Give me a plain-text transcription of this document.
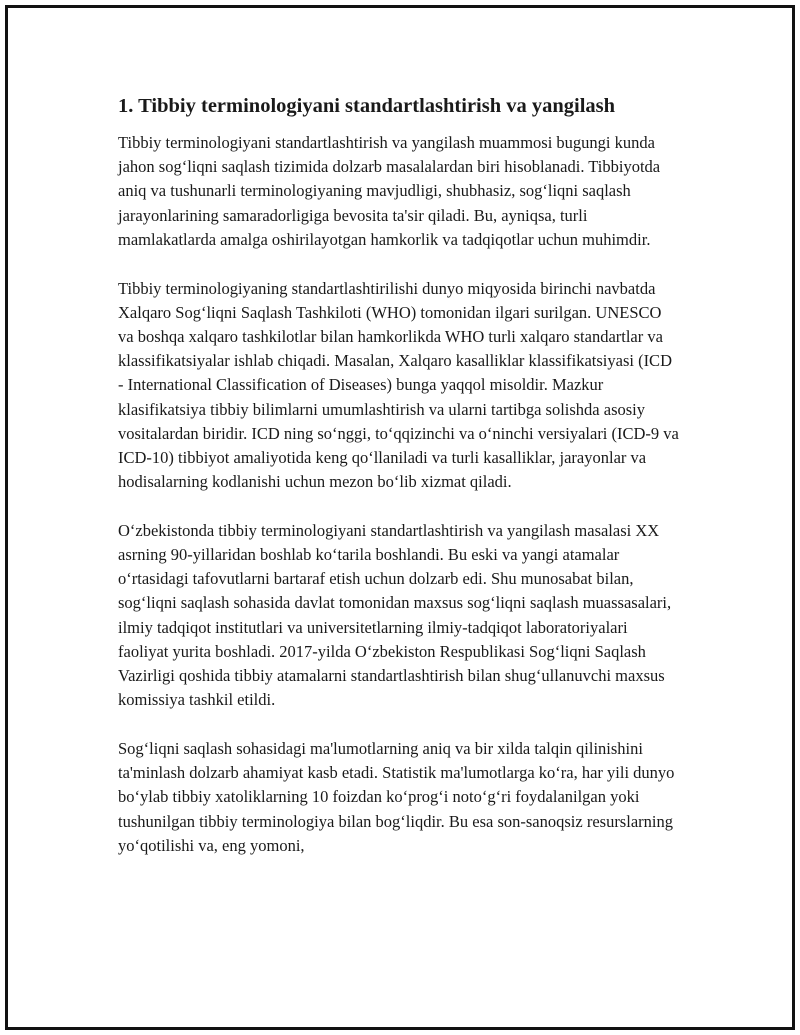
1. Tibbiy terminologiyani standartlashtirish va yangilash

Tibbiy terminologiyani standartlashtirish va yangilash muammosi bugungi kunda jahon sog‘liqni saqlash tizimida dolzarb masalalardan biri hisoblanadi. Tibbiyotda aniq va tushunarli terminologiyaning mavjudligi, shubhasiz, sog‘liqni saqlash jarayonlarining samaradorligiga bevosita ta'sir qiladi. Bu, ayniqsa, turli mamlakatlarda amalga oshirilayotgan hamkorlik va tadqiqotlar uchun muhimdir.

Tibbiy terminologiyaning standartlashtirilishi dunyo miqyosida birinchi navbatda Xalqaro Sog‘liqni Saqlash Tashkiloti (WHO) tomonidan ilgari surilgan. UNESCO va boshqa xalqaro tashkilotlar bilan hamkorlikda WHO turli xalqaro standartlar va klassifikatsiyalar ishlab chiqadi. Masalan, Xalqaro kasalliklar klassifikatsiyasi (ICD - International Classification of Diseases) bunga yaqqol misoldir. Mazkur klasifikatsiya tibbiy bilimlarni umumlashtirish va ularni tartibga solishda asosiy vositalardan biridir. ICD ning so‘nggi, to‘qqizinchi va o‘ninchi versiyalari (ICD-9 va ICD-10) tibbiyot amaliyotida keng qo‘llaniladi va turli kasalliklar, jarayonlar va hodisalarning kodlanishi uchun mezon bo‘lib xizmat qiladi.

O‘zbekistonda tibbiy terminologiyani standartlashtirish va yangilash masalasi XX asrning 90-yillaridan boshlab ko‘tarila boshlandi. Bu eski va yangi atamalar o‘rtasidagi tafovutlarni bartaraf etish uchun dolzarb edi. Shu munosabat bilan, sog‘liqni saqlash sohasida davlat tomonidan maxsus sog‘liqni saqlash muassasalari, ilmiy tadqiqot institutlari va universitetlarning ilmiy-tadqiqot laboratoriyalari faoliyat yurita boshladi. 2017-yilda O‘zbekiston Respublikasi Sog‘liqni Saqlash Vazirligi qoshida tibbiy atamalarni standartlashtirish bilan shug‘ullanuvchi maxsus komissiya tashkil etildi.

Sog‘liqni saqlash sohasidagi ma'lumotlarning aniq va bir xilda talqin qilinishini ta'minlash dolzarb ahamiyat kasb etadi. Statistik ma'lumotlarga ko‘ra, har yili dunyo bo‘ylab tibbiy xatoliklarning 10 foizdan ko‘prog‘i noto‘g‘ri foydalanilgan yoki tushunilgan tibbiy terminologiya bilan bog‘liqdir. Bu esa son-sanoqsiz resurslarning yo‘qotilishi va, eng yomoni,
